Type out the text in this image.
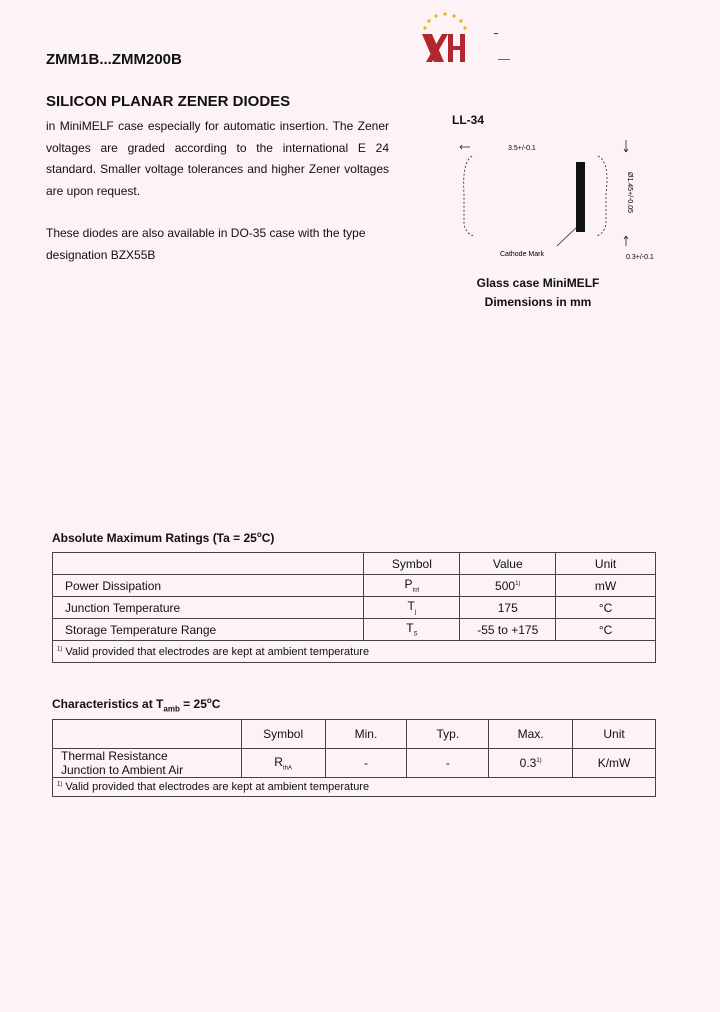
ZMM1B...ZMM200B
SILICON PLANAR ZENER DIODES
in MiniMELF case especially for automatic insertion. The Zener voltages are graded according to the international E 24 standard. Smaller voltage tolerances and higher Zener voltages are upon request.
These diodes are also available in DO-35 case with the type designation BZX55B
LL-34
3.5+/-0.1
Cathode Mark
Ø1.45+/-0.05
0.3+/-0.1
Glass case MiniMELF
Dimensions in mm
Absolute Maximum Ratings $(Ta = 25^oC)$
	Symbol	Value	Unit
Power Dissipation	$P_{tot}$	500$^{1)}$	mW
Junction Temperature	$T_j$	175	°C
Storage Temperature Range	$T_S$	-55 to +175	°C
$^{1)}$ Valid provided that electrodes are kept at ambient temperature			
Characteristics at $T_{amb} = 25^oC$
	Symbol	Min.	Typ.	Max.	Unit

Thermal Resistance
Junction to Ambient Air	$R_{thA}$	-	-	0.3$^{1)}$	K/mW
$^{1)}$ Valid provided that electrodes are kept at ambient temperature					
